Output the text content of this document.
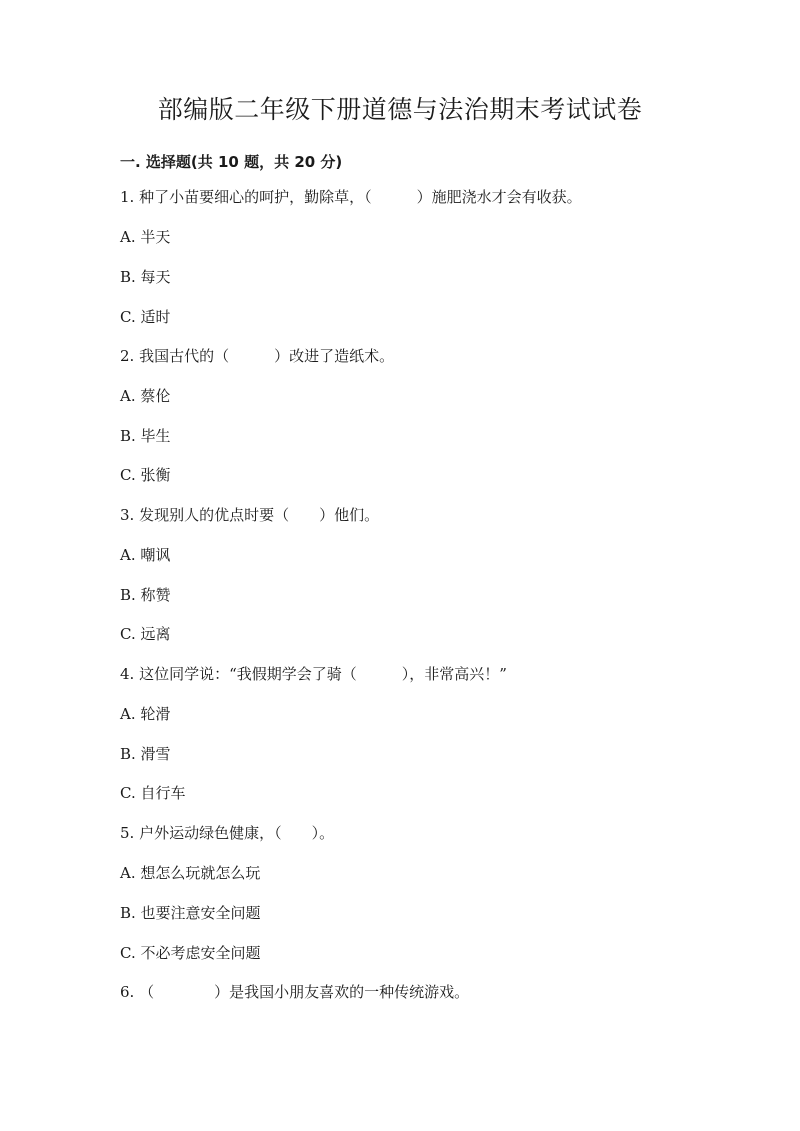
部编版二年级下册道德与法治期末考试试卷
一. 选择题(共 10 题，共 20 分)
1. 种了小苗要细心的呵护，勤除草，（　　　）施肥浇水才会有收获。
A. 半天
B. 每天
C. 适时
2. 我国古代的（　　　）改进了造纸术。
A. 蔡伦
B. 毕生
C. 张衡
3. 发现别人的优点时要（　　）他们。
A. 嘲讽
B. 称赞
C. 远离
4. 这位同学说：“我假期学会了骑（　　　），非常高兴！”
A. 轮滑
B. 滑雪
C. 自行车
5. 户外运动绿色健康，（　　）。
A. 想怎么玩就怎么玩
B. 也要注意安全问题
C. 不必考虑安全问题
6. （　　　　）是我国小朋友喜欢的一种传统游戏。
